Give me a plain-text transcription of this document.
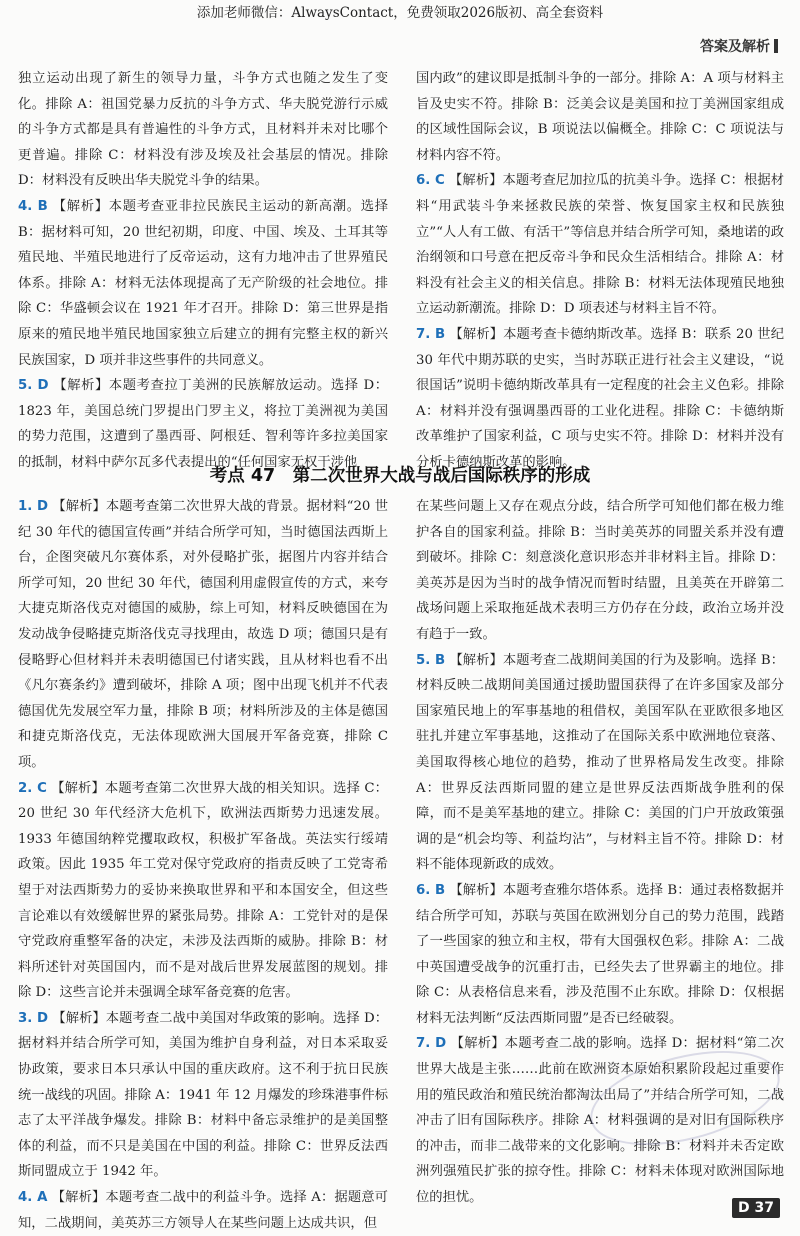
添加老师微信：AlwaysContact，免费领取2026版初、高全套资料
答案及解析

独立运动出现了新生的领导力量，斗争方式也随之发生了变化。排除 A：祖国党暴力反抗的斗争方式、华夫脱党游行示威的斗争方式都是具有普遍性的斗争方式，且材料并未对比哪个更普遍。排除 C：材料没有涉及埃及社会基层的情况。排除 D：材料没有反映出华夫脱党斗争的结果。

4. B 【解析】本题考查亚非拉民族民主运动的新高潮。选择 B：据材料可知，20 世纪初期，印度、中国、埃及、土耳其等殖民地、半殖民地进行了反帝运动，这有力地冲击了世界殖民体系。排除 A：材料无法体现提高了无产阶级的社会地位。排除 C：华盛顿会议在 1921 年才召开。排除 D：第三世界是指原来的殖民地半殖民地国家独立后建立的拥有完整主权的新兴民族国家，D 项并非这些事件的共同意义。

5. D 【解析】本题考查拉丁美洲的民族解放运动。选择 D：1823 年，美国总统门罗提出门罗主义，将拉丁美洲视为美国的势力范围，这遭到了墨西哥、阿根廷、智利等许多拉美国家的抵制，材料中萨尔瓦多代表提出的“任何国家无权干涉他

国内政”的建议即是抵制斗争的一部分。排除 A：A 项与材料主旨及史实不符。排除 B：泛美会议是美国和拉丁美洲国家组成的区域性国际会议，B 项说法以偏概全。排除 C：C 项说法与材料内容不符。

6. C 【解析】本题考查尼加拉瓜的抗美斗争。选择 C：根据材料“用武装斗争来拯救民族的荣誉、恢复国家主权和民族独立”“人人有工做、有活干”等信息并结合所学可知，桑地诺的政治纲领和口号意在把反帝斗争和民众生活相结合。排除 A：材料没有社会主义的相关信息。排除 B：材料无法体现殖民地独立运动新潮流。排除 D：D 项表述与材料主旨不符。

7. B 【解析】本题考查卡德纳斯改革。选择 B：联系 20 世纪 30 年代中期苏联的史实，当时苏联正进行社会主义建设，“说很国话”说明卡德纳斯改革具有一定程度的社会主义色彩。排除 A：材料并没有强调墨西哥的工业化进程。排除 C：卡德纳斯改革维护了国家利益，C 项与史实不符。排除 D：材料并没有分析卡德纳斯改革的影响。

考点 47　第二次世界大战与战后国际秩序的形成

1. D 【解析】本题考查第二次世界大战的背景。据材料“20 世纪 30 年代的德国宣传画”并结合所学可知，当时德国法西斯上台，企图突破凡尔赛体系，对外侵略扩张，据图片内容并结合所学可知，20 世纪 30 年代，德国利用虚假宣传的方式，来夸大捷克斯洛伐克对德国的威胁，综上可知，材料反映德国在为发动战争侵略捷克斯洛伐克寻找理由，故选 D 项；德国只是有侵略野心但材料并未表明德国已付诸实践，且从材料也看不出《凡尔赛条约》遭到破坏，排除 A 项；图中出现飞机并不代表德国优先发展空军力量，排除 B 项；材料所涉及的主体是德国和捷克斯洛伐克，无法体现欧洲大国展开军备竞赛，排除 C 项。

2. C 【解析】本题考查第二次世界大战的相关知识。选择 C：20 世纪 30 年代经济大危机下，欧洲法西斯势力迅速发展。1933 年德国纳粹党攫取政权，积极扩军备战。英法实行绥靖政策。因此 1935 年工党对保守党政府的指责反映了工党寄希望于对法西斯势力的妥协来换取世界和平和本国安全，但这些言论难以有效缓解世界的紧张局势。排除 A：工党针对的是保守党政府重整军备的决定，未涉及法西斯的威胁。排除 B：材料所述针对英国国内，而不是对战后世界发展蓝图的规划。排除 D：这些言论并未强调全球军备竞赛的危害。

3. D 【解析】本题考查二战中美国对华政策的影响。选择 D：据材料并结合所学可知，美国为维护自身利益，对日本采取妥协政策，要求日本只承认中国的重庆政府。这不利于抗日民族统一战线的巩固。排除 A：1941 年 12 月爆发的珍珠港事件标志了太平洋战争爆发。排除 B：材料中备忘录维护的是美国整体的利益，而不只是美国在中国的利益。排除 C：世界反法西斯同盟成立于 1942 年。

4. A 【解析】本题考查二战中的利益斗争。选择 A：据题意可知，二战期间，美英苏三方领导人在某些问题上达成共识，但

在某些问题上又存在观点分歧，结合所学可知他们都在极力维护各自的国家利益。排除 B：当时美英苏的同盟关系并没有遭到破坏。排除 C：刻意淡化意识形态并非材料主旨。排除 D：美英苏是因为当时的战争情况而暂时结盟，且美英在开辟第二战场问题上采取拖延战术表明三方仍存在分歧，政治立场并没有趋于一致。

5. B 【解析】本题考查二战期间美国的行为及影响。选择 B：材料反映二战期间美国通过援助盟国获得了在许多国家及部分国家殖民地上的军事基地的租借权，美国军队在亚欧很多地区驻扎并建立军事基地，这推动了在国际关系中欧洲地位衰落、美国取得核心地位的趋势，推动了世界格局发生改变。排除 A：世界反法西斯同盟的建立是世界反法西斯战争胜利的保障，而不是美军基地的建立。排除 C：美国的门户开放政策强调的是“机会均等、利益均沾”，与材料主旨不符。排除 D：材料不能体现新政的成效。

6. B 【解析】本题考查雅尔塔体系。选择 B：通过表格数据并结合所学可知，苏联与英国在欧洲划分自己的势力范围，践踏了一些国家的独立和主权，带有大国强权色彩。排除 A：二战中英国遭受战争的沉重打击，已经失去了世界霸主的地位。排除 C：从表格信息来看，涉及范围不止东欧。排除 D：仅根据材料无法判断“反法西斯同盟”是否已经破裂。

7. D 【解析】本题考查二战的影响。选择 D：据材料“第二次世界大战是主张……此前在欧洲资本原始积累阶段起过重要作用的殖民政治和殖民统治都淘汰出局了”并结合所学可知，二战冲击了旧有国际秩序。排除 A：材料强调的是对旧有国际秩序的冲击，而非二战带来的文化影响。排除 B：材料并未否定欧洲列强殖民扩张的掠夺性。排除 C：材料未体现对欧洲国际地位的担忧。

D 37
